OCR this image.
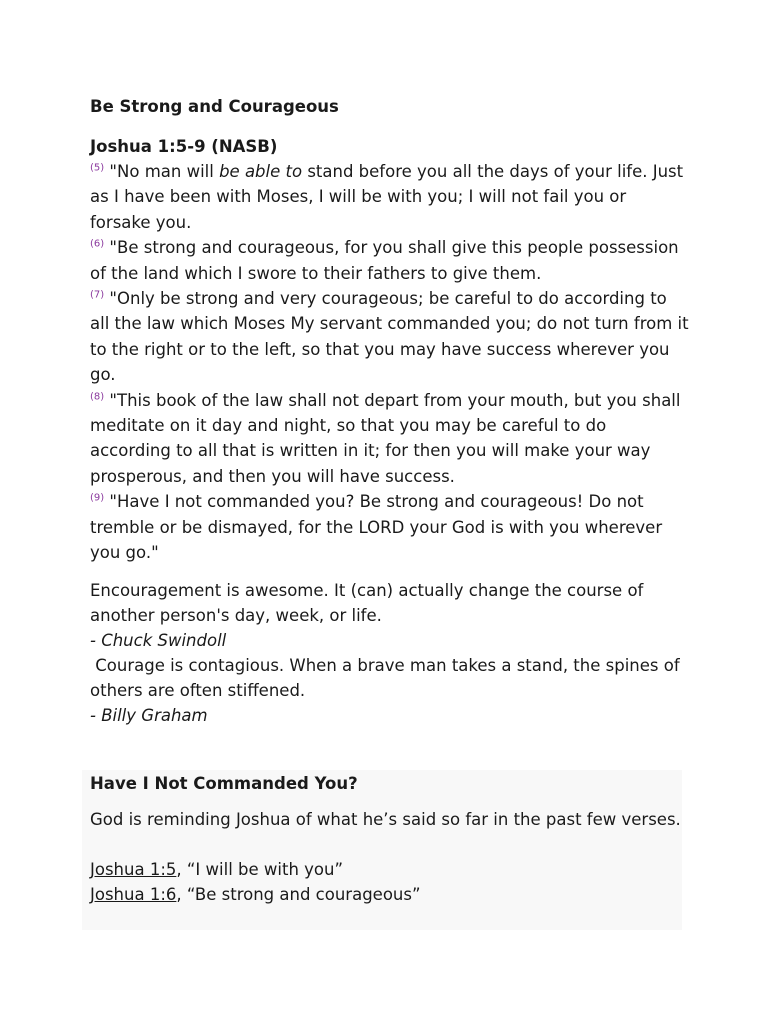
Be Strong and Courageous

Joshua 1:5-9 (NASB)

$^{(5)}$ "No man will be able to stand before you all the days of your life. Just as I have been with Moses, I will be with you; I will not fail you or forsake you.

$^{(6)}$ "Be strong and courageous, for you shall give this people possession of the land which I swore to their fathers to give them.

$^{(7)}$ "Only be strong and very courageous; be careful to do according to all the law which Moses My servant commanded you; do not turn from it to the right or to the left, so that you may have success wherever you go.

$^{(8)}$ "This book of the law shall not depart from your mouth, but you shall meditate on it day and night, so that you may be careful to do according to all that is written in it; for then you will make your way prosperous, and then you will have success.

$^{(9)}$ "Have I not commanded you? Be strong and courageous! Do not tremble or be dismayed, for the LORD your God is with you wherever you go."

Encouragement is awesome. It (can) actually change the course of another person's day, week, or life.

- Chuck Swindoll

Courage is contagious. When a brave man takes a stand, the spines of others are often stiffened.

- Billy Graham

Have I Not Commanded You?

God is reminding Joshua of what he’s said so far in the past few verses.

Joshua 1:5, “I will be with you”

Joshua 1:6, “Be strong and courageous”
